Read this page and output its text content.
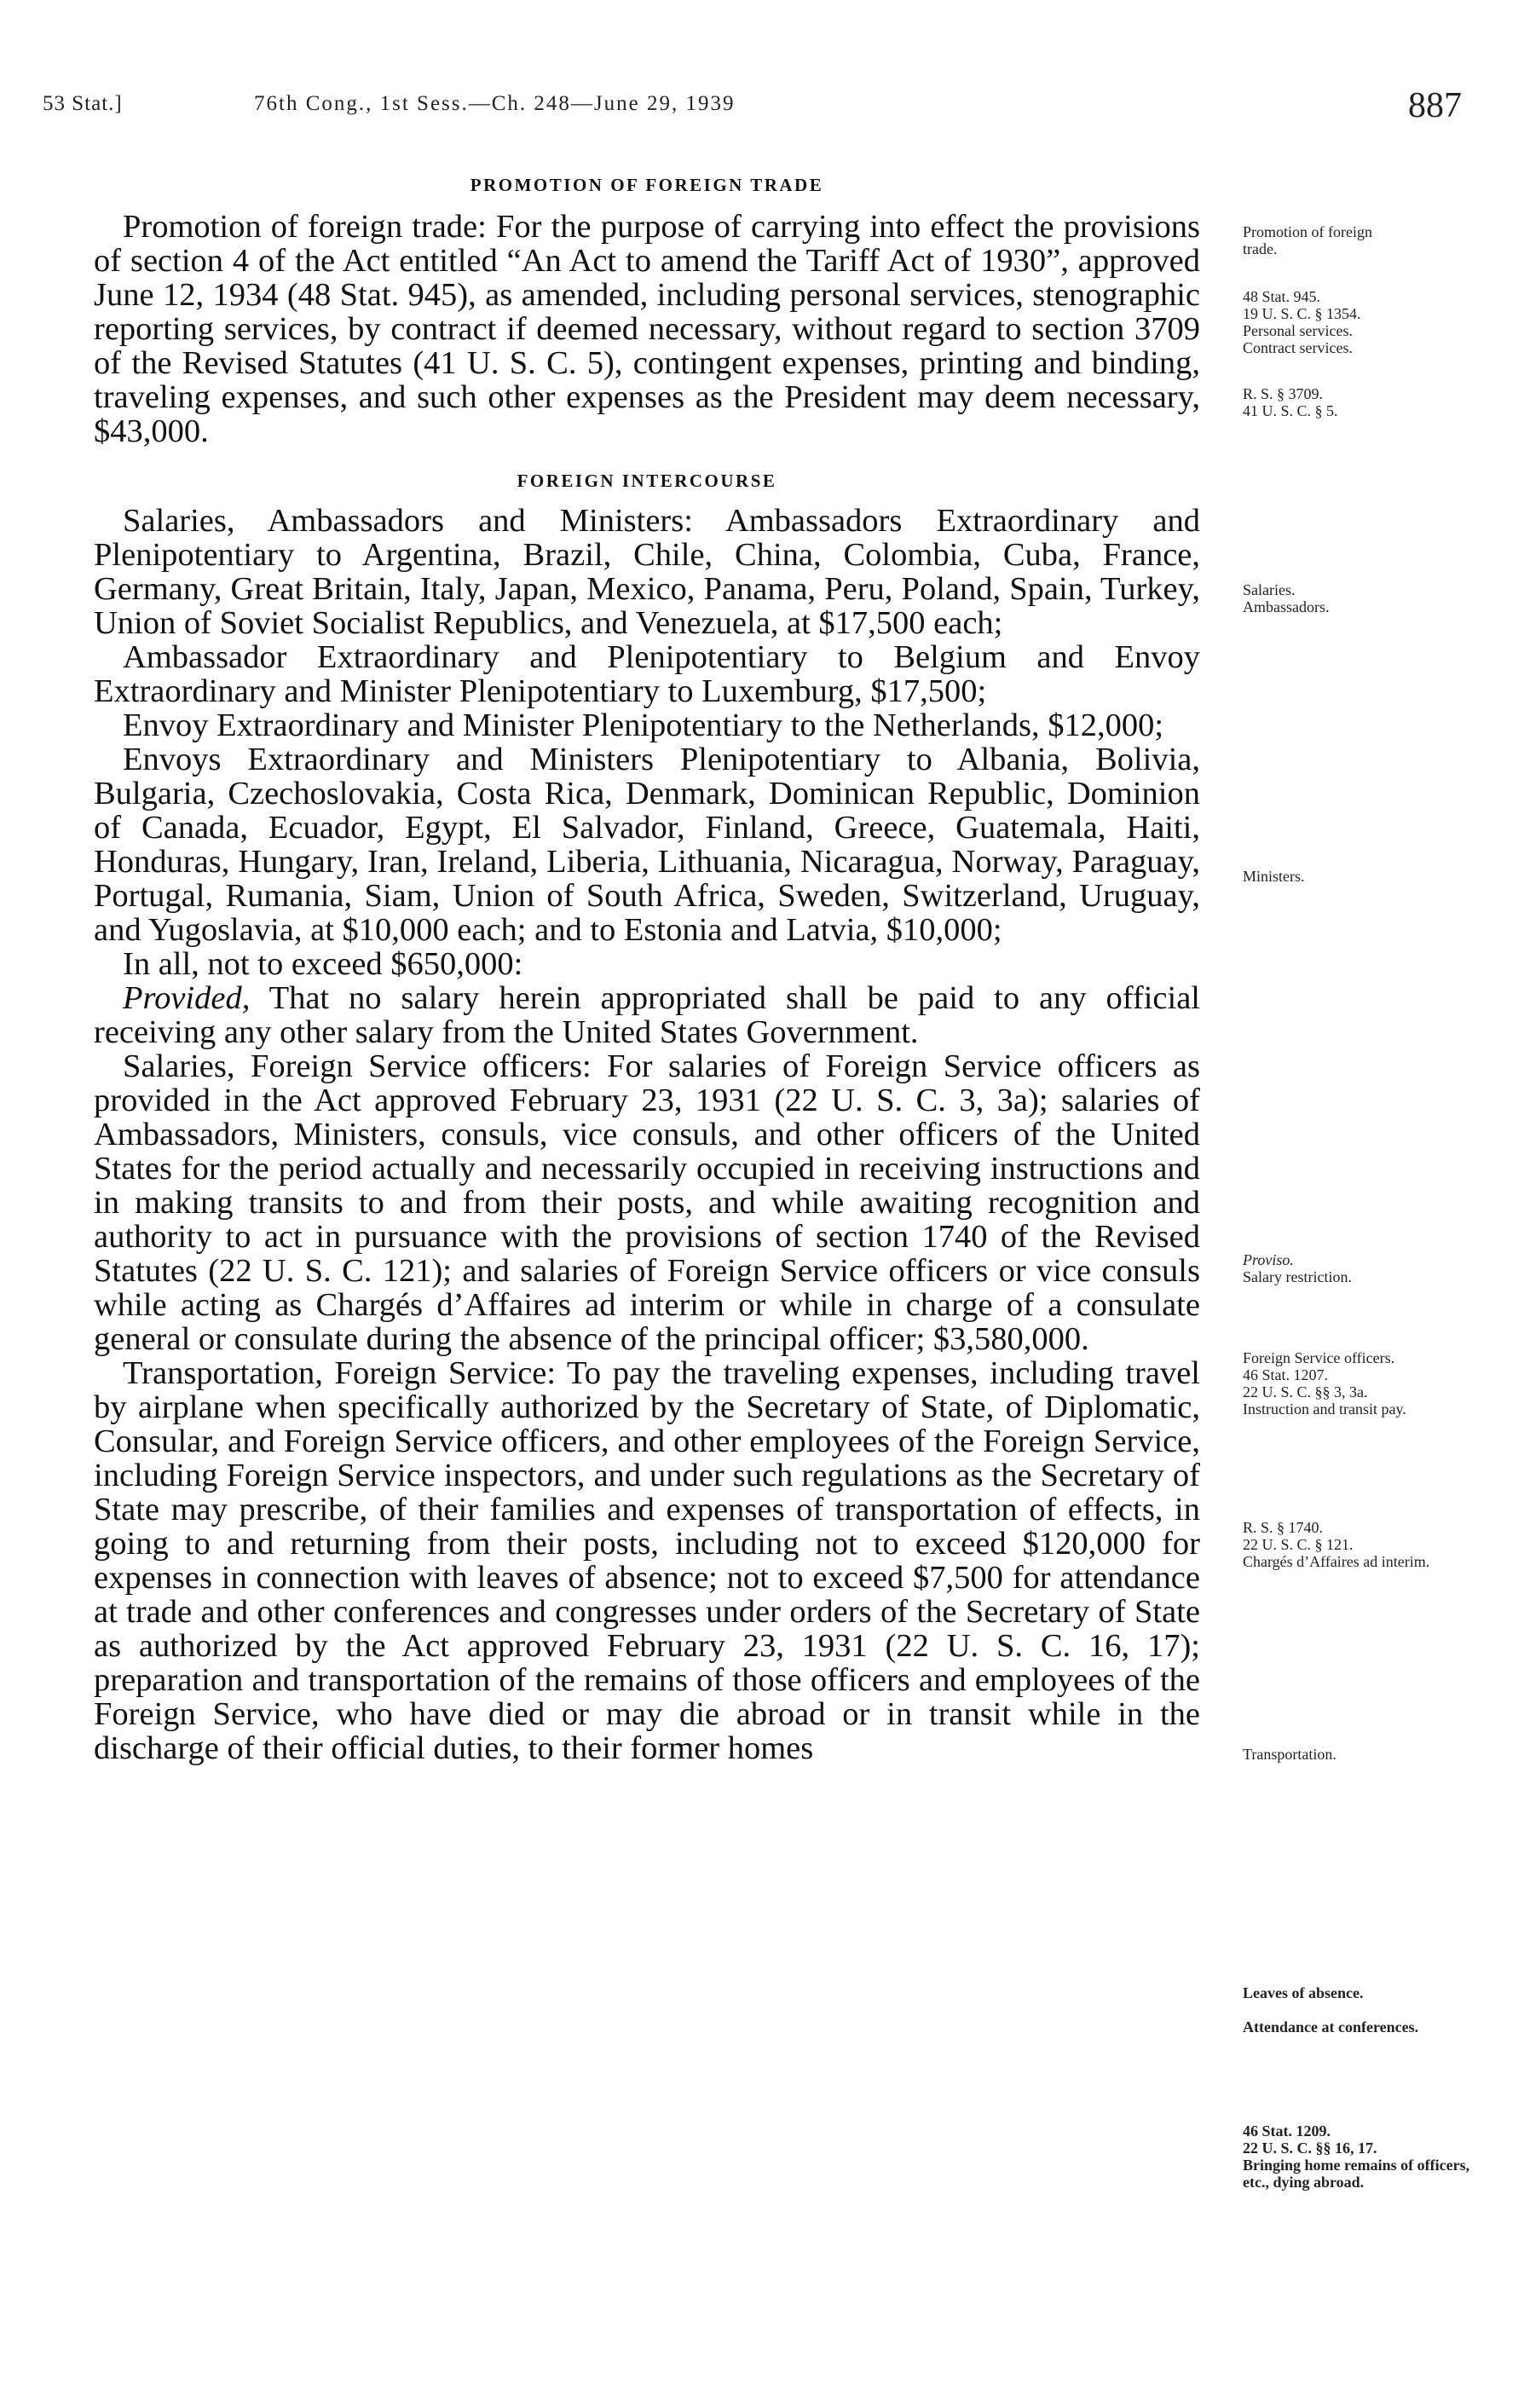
53 Stat.]	76th Cong., 1st Sess.—Ch. 248—June 29, 1939	887
PROMOTION OF FOREIGN TRADE

Promotion of foreign trade: For the purpose of carrying into effect the provisions of section 4 of the Act entitled “An Act to amend the Tariff Act of 1930”, approved June 12, 1934 (48 Stat. 945), as amended, including personal services, stenographic reporting services, by contract if deemed necessary, without regard to section 3709 of the Revised Statutes (41 U. S. C. 5), contingent expenses, printing and binding, traveling expenses, and such other expenses as the President may deem necessary, $43,000.

FOREIGN INTERCOURSE

Salaries, Ambassadors and Ministers: Ambassadors Extraordinary and Plenipotentiary to Argentina, Brazil, Chile, China, Colombia, Cuba, France, Germany, Great Britain, Italy, Japan, Mexico, Panama, Peru, Poland, Spain, Turkey, Union of Soviet Socialist Republics, and Venezuela, at $17,500 each;

Ambassador Extraordinary and Plenipotentiary to Belgium and Envoy Extraordinary and Minister Plenipotentiary to Luxemburg, $17,500;

Envoy Extraordinary and Minister Plenipotentiary to the Netherlands, $12,000;

Envoys Extraordinary and Ministers Plenipotentiary to Albania, Bolivia, Bulgaria, Czechoslovakia, Costa Rica, Denmark, Dominican Republic, Dominion of Canada, Ecuador, Egypt, El Salvador, Finland, Greece, Guatemala, Haiti, Honduras, Hungary, Iran, Ireland, Liberia, Lithuania, Nicaragua, Norway, Paraguay, Portugal, Rumania, Siam, Union of South Africa, Sweden, Switzerland, Uruguay, and Yugoslavia, at $10,000 each; and to Estonia and Latvia, $10,000;

In all, not to exceed $650,000:

Provided, That no salary herein appropriated shall be paid to any official receiving any other salary from the United States Government.

Salaries, Foreign Service officers: For salaries of Foreign Service officers as provided in the Act approved February 23, 1931 (22 U. S. C. 3, 3a); salaries of Ambassadors, Ministers, consuls, vice consuls, and other officers of the United States for the period actually and necessarily occupied in receiving instructions and in making transits to and from their posts, and while awaiting recognition and authority to act in pursuance with the provisions of section 1740 of the Revised Statutes (22 U. S. C. 121); and salaries of Foreign Service officers or vice consuls while acting as Chargés d’Affaires ad interim or while in charge of a consulate general or consulate during the absence of the principal officer; $3,580,000.

Transportation, Foreign Service: To pay the traveling expenses, including travel by airplane when specifically authorized by the Secretary of State, of Diplomatic, Consular, and Foreign Service officers, and other employees of the Foreign Service, including Foreign Service inspectors, and under such regulations as the Secretary of State may prescribe, of their families and expenses of transportation of effects, in going to and returning from their posts, including not to exceed $120,000 for expenses in connection with leaves of absence; not to exceed $7,500 for attendance at trade and other conferences and congresses under orders of the Secretary of State as authorized by the Act approved February 23, 1931 (22 U. S. C. 16, 17); preparation and transportation of the remains of those officers and employees of the Foreign Service, who have died or may die abroad or in transit while in the discharge of their official duties, to their former homes

Promotion of foreign
trade.
48 Stat. 945.
19 U. S. C. § 1354.
Personal services.
Contract services.
R. S. § 3709.
41 U. S. C. § 5.
Salaries.
Ambassadors.
Ministers.
Proviso.
Salary restriction.
Foreign Service officers.
46 Stat. 1207.
22 U. S. C. §§ 3, 3a.
Instruction and transit pay.
R. S. § 1740.
22 U. S. C. § 121.
Chargés d’Affaires ad interim.
Transportation.
Leaves of absence.
Attendance at conferences.
46 Stat. 1209.
22 U. S. C. §§ 16, 17.
Bringing home remains of officers, etc., dying abroad.
